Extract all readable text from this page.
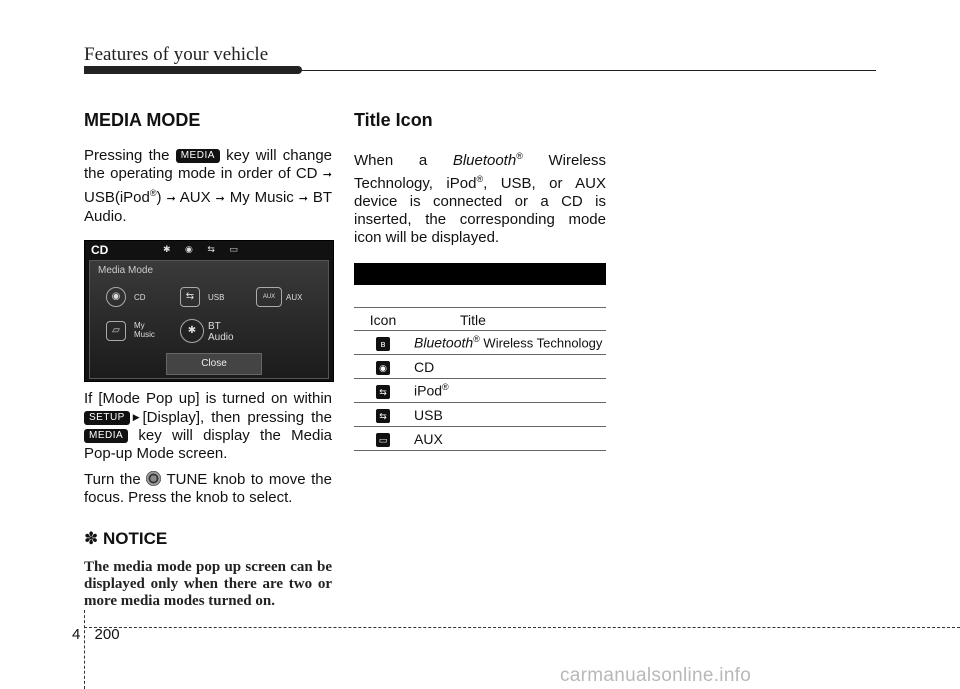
Features of your vehicle
MEDIA MODE

Pressing the MEDIA key will change the operating mode in order of CD ➞ USB(iPod®) ➞ AUX ➞ My Music ➞ BT Audio.

CD	✱ ◉ ⇆ ▭
Media Mode
◉	CD	⇆	USB	AUX	AUX
▱	My
Music	✱	BT
Audio
Close

If [Mode Pop up] is turned on within SETUP ▶[Display], then pressing the MEDIA key will display the Media Pop-up Mode screen.

Turn the TUNE knob to move the focus. Press the knob to select.

✽ NOTICE

The media mode pop up screen can be displayed only when there are two or more media modes turned on.

Title Icon

When a Bluetooth® Wireless Technology, iPod®, USB, or AUX device is connected or a CD is inserted, the corresponding mode icon will be displayed.

Icon	Title
ʙ	Bluetooth® Wireless Technology
◉	CD
⇆	iPod®
⇆	USB
▭	AUX
4 200
carmanualsonline.info
